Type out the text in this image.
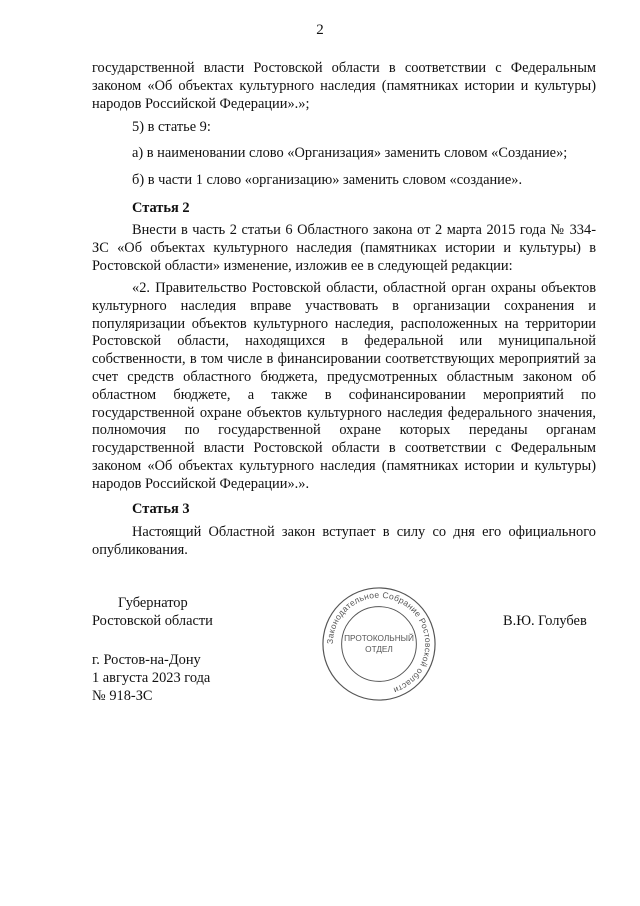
2

государственной власти Ростовской области в соответствии с Федеральным законом «Об объектах культурного наследия (памятниках истории и культуры) народов Российской Федерации».»;

5) в статье 9:

а) в наименовании слово «Организация» заменить словом «Создание»;

б) в части 1 слово «организацию» заменить словом «создание».

Статья 2

Внести в часть 2 статьи 6 Областного закона от 2 марта 2015 года № 334-ЗС «Об объектах культурного наследия (памятниках истории и культуры) в Ростовской области» изменение, изложив ее в следующей редакции:

«2. Правительство Ростовской области, областной орган охраны объектов культурного наследия вправе участвовать в организации сохранения и популяризации объектов культурного наследия, расположенных на территории Ростовской области, находящихся в федеральной или муниципальной собственности, в том числе в финансировании соответствующих мероприятий за счет средств областного бюджета, предусмотренных областным законом об областном бюджете, а также в софинансировании мероприятий по государственной охране объектов культурного наследия федерального значения, полномочия по государственной охране которых переданы органам государственной власти Ростовской области в соответствии с Федеральным законом «Об объектах культурного наследия (памятниках истории и культуры) народов Российской Федерации».».

Статья 3

Настоящий Областной закон вступает в силу со дня его официального опубликования.

Губернатор
Ростовской области	В.Ю. Голубев
г. Ростов-на-Дону
1 августа 2023 года
№ 918-ЗС
Законодательное Собрание Ростовской области
ПРОТОКОЛЬНЫЙ
ОТДЕЛ
